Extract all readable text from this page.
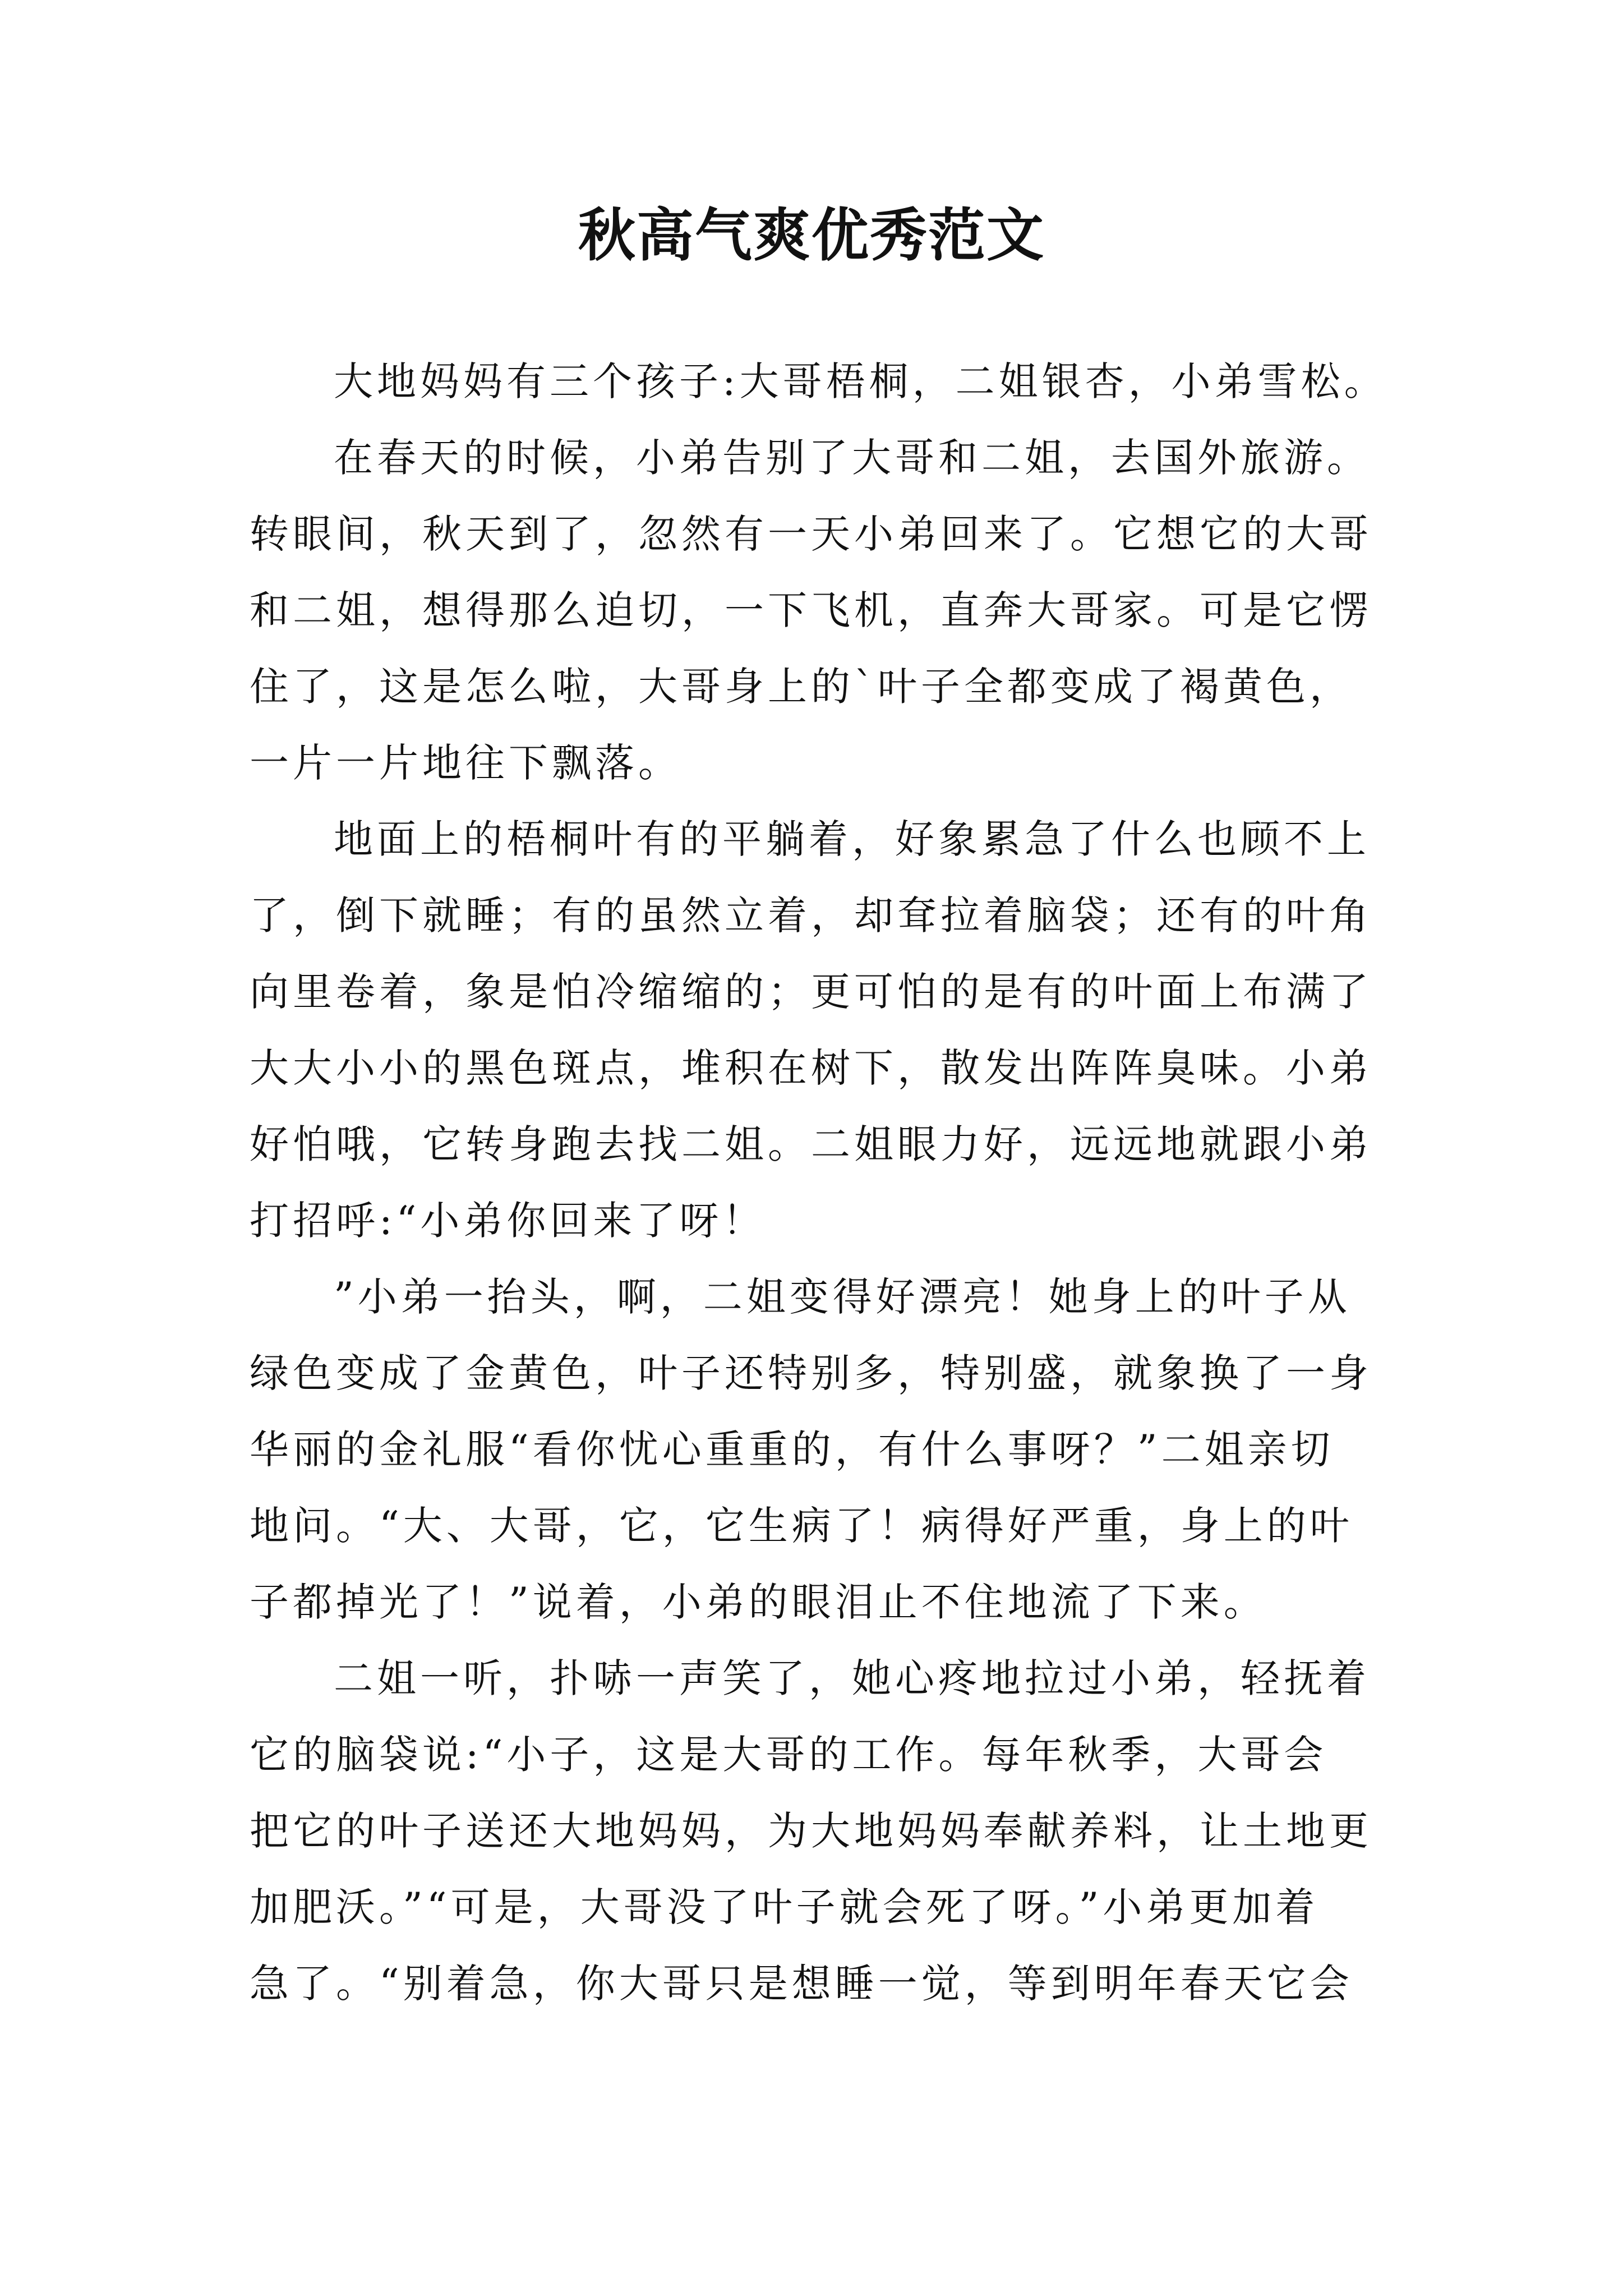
秋高气爽优秀范文
大地妈妈有三个孩子:大哥梧桐，二姐银杏，小弟雪松。
在春天的时候，小弟告别了大哥和二姐，去国外旅游。
转眼间，秋天到了，忽然有一天小弟回来了。它想它的大哥
和二姐，想得那么迫切，一下飞机，直奔大哥家。可是它愣
住了，这是怎么啦，大哥身上的`叶子全都变成了褐黄色，
一片一片地往下飘落。
地面上的梧桐叶有的平躺着，好象累急了什么也顾不上
了，倒下就睡；有的虽然立着，却耷拉着脑袋；还有的叶角
向里卷着，象是怕冷缩缩的；更可怕的是有的叶面上布满了
大大小小的黑色斑点，堆积在树下，散发出阵阵臭味。小弟
好怕哦，它转身跑去找二姐。二姐眼力好，远远地就跟小弟
打招呼:“小弟你回来了呀！
”小弟一抬头，啊，二姐变得好漂亮！她身上的叶子从
绿色变成了金黄色，叶子还特别多，特别盛，就象换了一身
华丽的金礼服“看你忧心重重的，有什么事呀？”二姐亲切
地问。“大、大哥，它，它生病了！病得好严重，身上的叶
子都掉光了！”说着，小弟的眼泪止不住地流了下来。
二姐一听，扑哧一声笑了，她心疼地拉过小弟，轻抚着
它的脑袋说:“小子，这是大哥的工作。每年秋季，大哥会
把它的叶子送还大地妈妈，为大地妈妈奉献养料，让土地更
加肥沃。”“可是，大哥没了叶子就会死了呀。”小弟更加着
急了。“别着急，你大哥只是想睡一觉，等到明年春天它会
